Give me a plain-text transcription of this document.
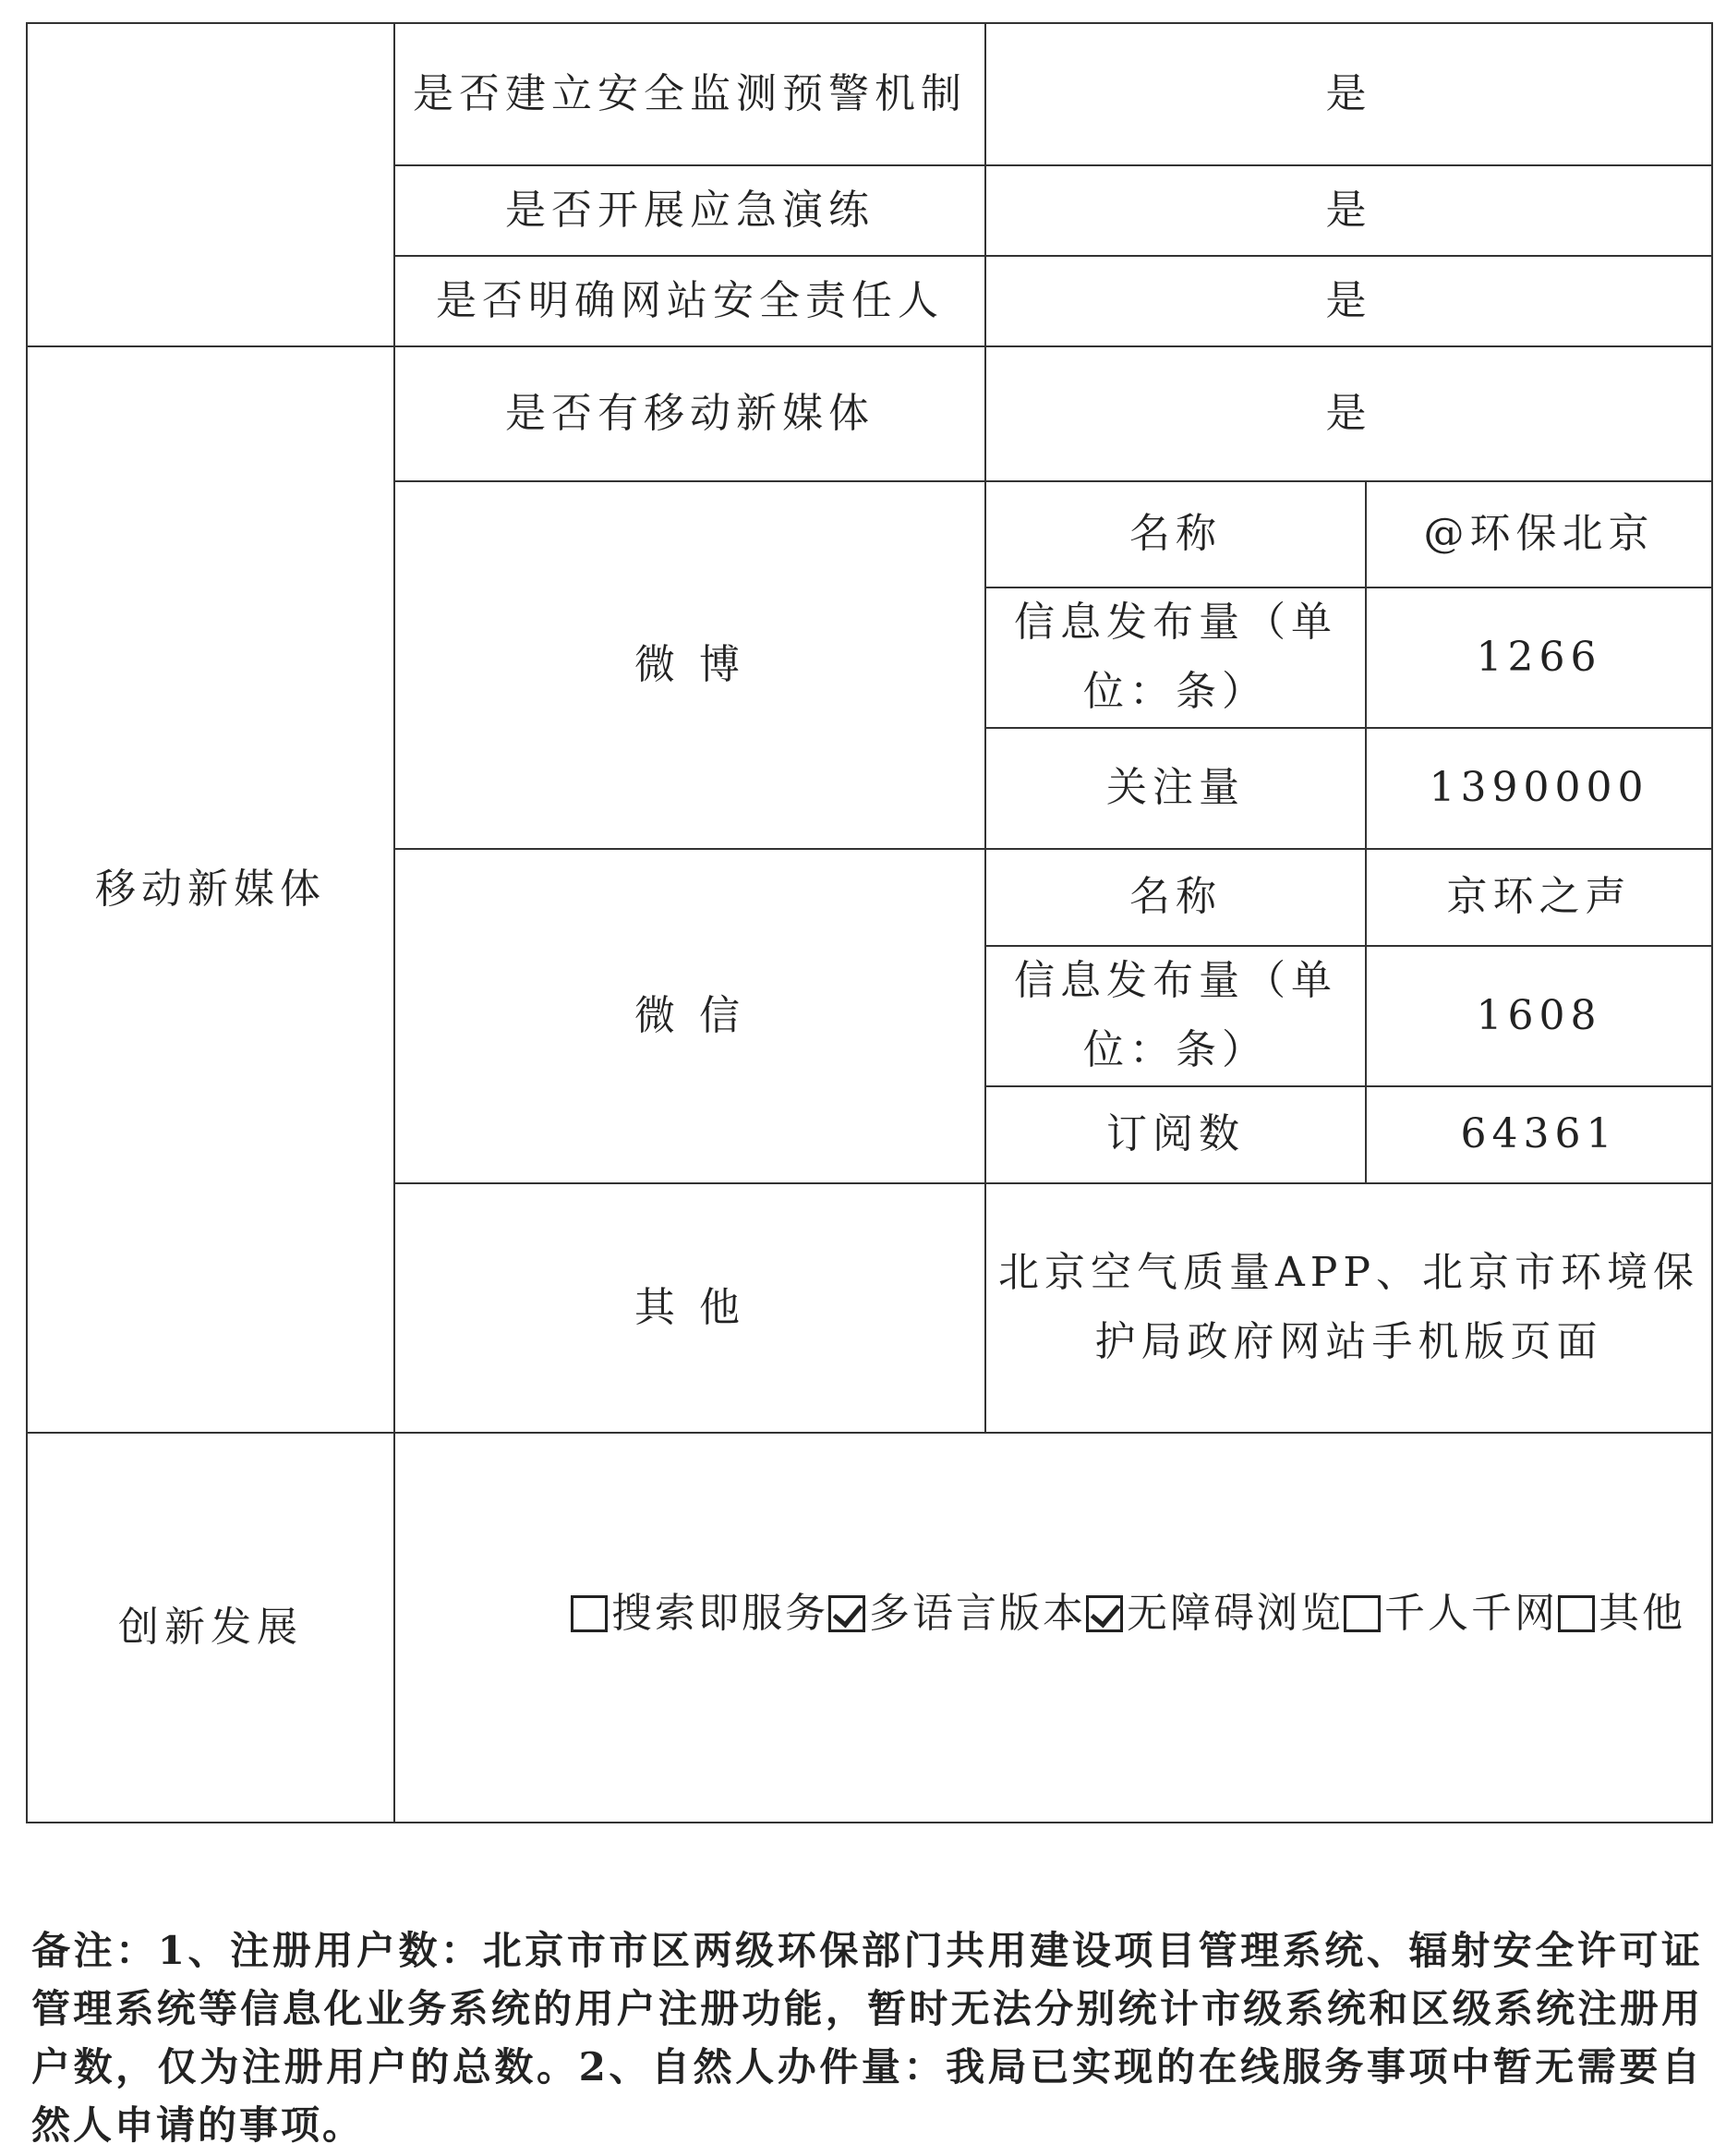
	是否建立安全监测预警机制	是	
	是否开展应急演练	是	
	是否明确网站安全责任人	是	
移动新媒体	是否有移动新媒体	是	
	微 博	名称	@环保北京
		信息发布量（单位：条）	1266
		关注量	1390000
	微 信	名称	京环之声
		信息发布量（单位：条）	1608
		订阅数	64361
	其 他	北京空气质量APP、北京市环境保护局政府网站手机版页面	
创新发展	搜索即服务 多语言版本 无障碍浏览 千人千网 其他		

备注：1、注册用户数：北京市市区两级环保部门共用建设项目管理系统、辐射安全许可证管理系统等信息化业务系统的用户注册功能，暂时无法分别统计市级系统和区级系统注册用户数，仅为注册用户的总数。2、自然人办件量：我局已实现的在线服务事项中暂无需要自然人申请的事项。
